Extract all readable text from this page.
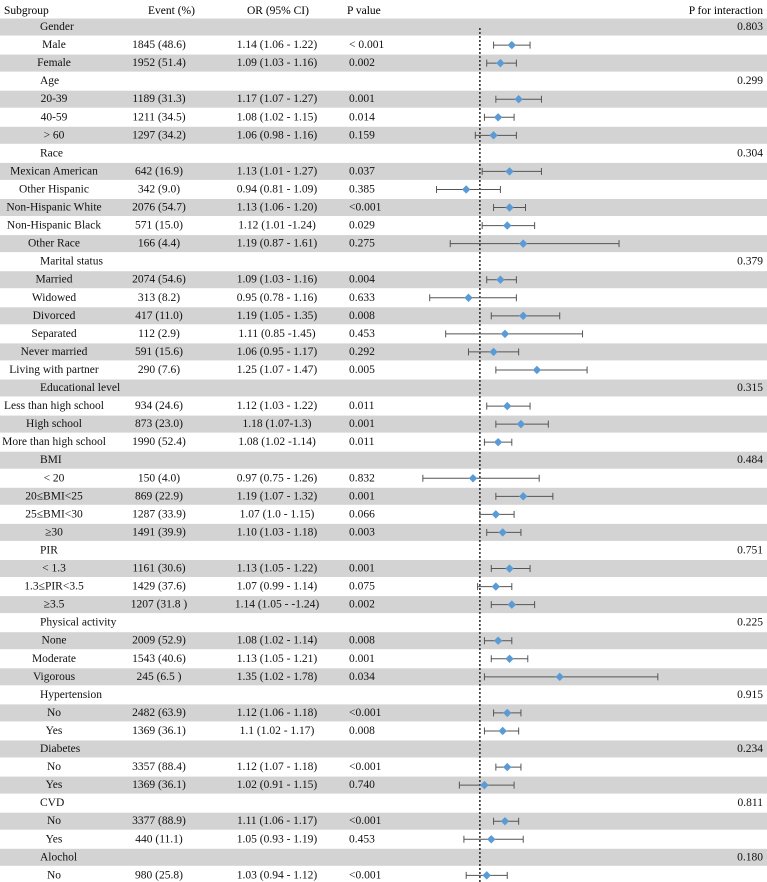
Subgroup	Event (%)	OR (95% CI)	P value	P for interaction
Gender	0.803
Male	1845 (48.6)	1.14 (1.06 - 1.22)	< 0.001
Female	1952 (51.4)	1.09 (1.03 - 1.16)	0.002
Age	0.299
20-39	1189 (31.3)	1.17 (1.07 - 1.27)	0.001
40-59	1211 (34.5)	1.08 (1.02 - 1.15)	0.014
> 60	1297 (34.2)	1.06 (0.98 - 1.16)	0.159
Race	0.304
Mexican American	642 (16.9)	1.13 (1.01 - 1.27)	0.037
Other Hispanic	342 (9.0)	0.94 (0.81 - 1.09)	0.385
Non-Hispanic White	2076 (54.7)	1.13 (1.06 - 1.20)	<0.001
Non-Hispanic Black	571 (15.0)	1.12 (1.01 -1.24)	0.029
Other Race	166 (4.4)	1.19 (0.87 - 1.61)	0.275
Marital status	0.379
Married	2074 (54.6)	1.09 (1.03 - 1.16)	0.004
Widowed	313 (8.2)	0.95 (0.78 - 1.16)	0.633
Divorced	417 (11.0)	1.19 (1.05 - 1.35)	0.008
Separated	112 (2.9)	1.11 (0.85 -1.45)	0.453
Never married	591 (15.6)	1.06 (0.95 - 1.17)	0.292
Living with partner	290 (7.6)	1.25 (1.07 - 1.47)	0.005
Educational level	0.315
Less than high school	934 (24.6)	1.12 (1.03 - 1.22)	0.011
High school	873 (23.0)	1.18 (1.07-1.3)	0.001
More than high school 1990 (52.4)	1.08 (1.02 -1.14)	0.011
BMI	0.484
< 20	150 (4.0)	0.97 (0.75 - 1.26)	0.832
20≤BMI<25	869 (22.9)	1.19 (1.07 - 1.32)	0.001
25≤BMI<30	1287 (33.9)	1.07 (1.0 - 1.15)	0.066
≥30	1491 (39.9)	1.10 (1.03 - 1.18)	0.003
PIR	0.751
< 1.3	1161 (30.6)	1.13 (1.05 - 1.22)	0.001
1.3≤PIR<3.5	1429 (37.6)	1.07 (0.99 - 1.14)	0.075
≥3.5	1207 (31.8 )	1.14 (1.05 - -1.24)	0.002
Physical activity	0.225
None	2009 (52.9)	1.08 (1.02 - 1.14)	0.008
Moderate	1543 (40.6)	1.13 (1.05 - 1.21)	0.001
Vigorous	245 (6.5 )	1.35 (1.02 - 1.78)	0.034
Hypertension	0.915
No	2482 (63.9)	1.12 (1.06 - 1.18)	<0.001
Yes	1369 (36.1)	1.1 (1.02 - 1.17)	0.008
Diabetes	0.234
No	3357 (88.4)	1.12 (1.07 - 1.18)	<0.001
Yes	1369 (36.1)	1.02 (0.91 - 1.15)	0.740
CVD	0.811
No	3377 (88.9)	1.11 (1.06 - 1.17)	<0.001
Yes	440 (11.1)	1.05 (0.93 - 1.19)	0.453
Alochol	0.180
No	980 (25.8)	1.03 (0.94 - 1.12)	<0.001
